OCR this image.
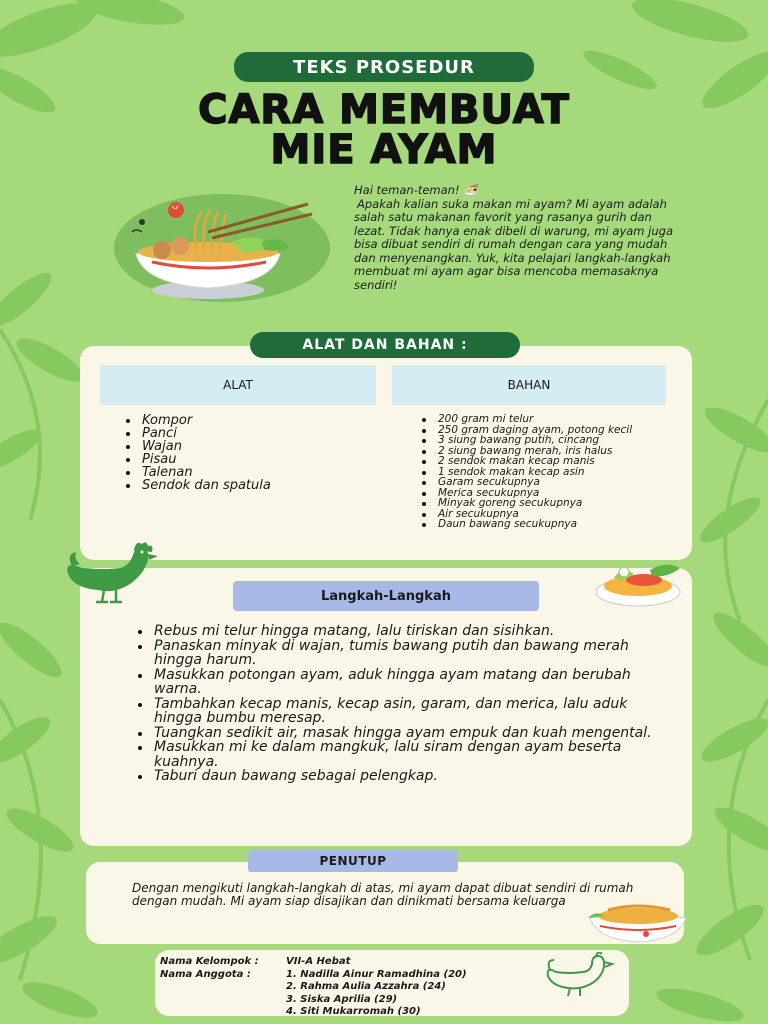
TEKS PROSEDUR
CARA MEMBUAT
MIE AYAM

Hai teman-teman! 🍜

Apakah kalian suka makan mi ayam? Mi ayam adalah salah satu makanan favorit yang rasanya gurih dan lezat. Tidak hanya enak dibeli di warung, mi ayam juga bisa dibuat sendiri di rumah dengan cara yang mudah dan menyenangkan. Yuk, kita pelajari langkah-langkah membuat mi ayam agar bisa mencoba memasaknya sendiri!

ALAT DAN BAHAN :
ALAT	BAHAN
Kompor
Panci
Wajan
Pisau
Talenan
Sendok dan spatula
200 gram mi telur
250 gram daging ayam, potong kecil
3 siung bawang putih, cincang
2 siung bawang merah, iris halus
2 sendok makan kecap manis
1 sendok makan kecap asin
Garam secukupnya
Merica secukupnya
Minyak goreng secukupnya
Air secukupnya
Daun bawang secukupnya
Langkah-Langkah
Rebus mi telur hingga matang, lalu tiriskan dan sisihkan.
Panaskan minyak di wajan, tumis bawang putih dan bawang merah hingga harum.
Masukkan potongan ayam, aduk hingga ayam matang dan berubah warna.
Tambahkan kecap manis, kecap asin, garam, dan merica, lalu aduk hingga bumbu meresap.
Tuangkan sedikit air, masak hingga ayam empuk dan kuah mengental.
Masukkan mi ke dalam mangkuk, lalu siram dengan ayam beserta kuahnya.
Taburi daun bawang sebagai pelengkap.
PENUTUP
Dengan mengikuti langkah-langkah di atas, mi ayam dapat dibuat sendiri di rumah dengan mudah. Mi ayam siap disajikan dan dinikmati bersama keluarga
Nama Kelompok :	VII-A Hebat
Nama Anggota :	1. Nadilla Ainur Ramadhina (20)
2. Rahma Aulia Azzahra (24)
3. Siska Aprilia (29)
4. Siti Mukarromah (30)
